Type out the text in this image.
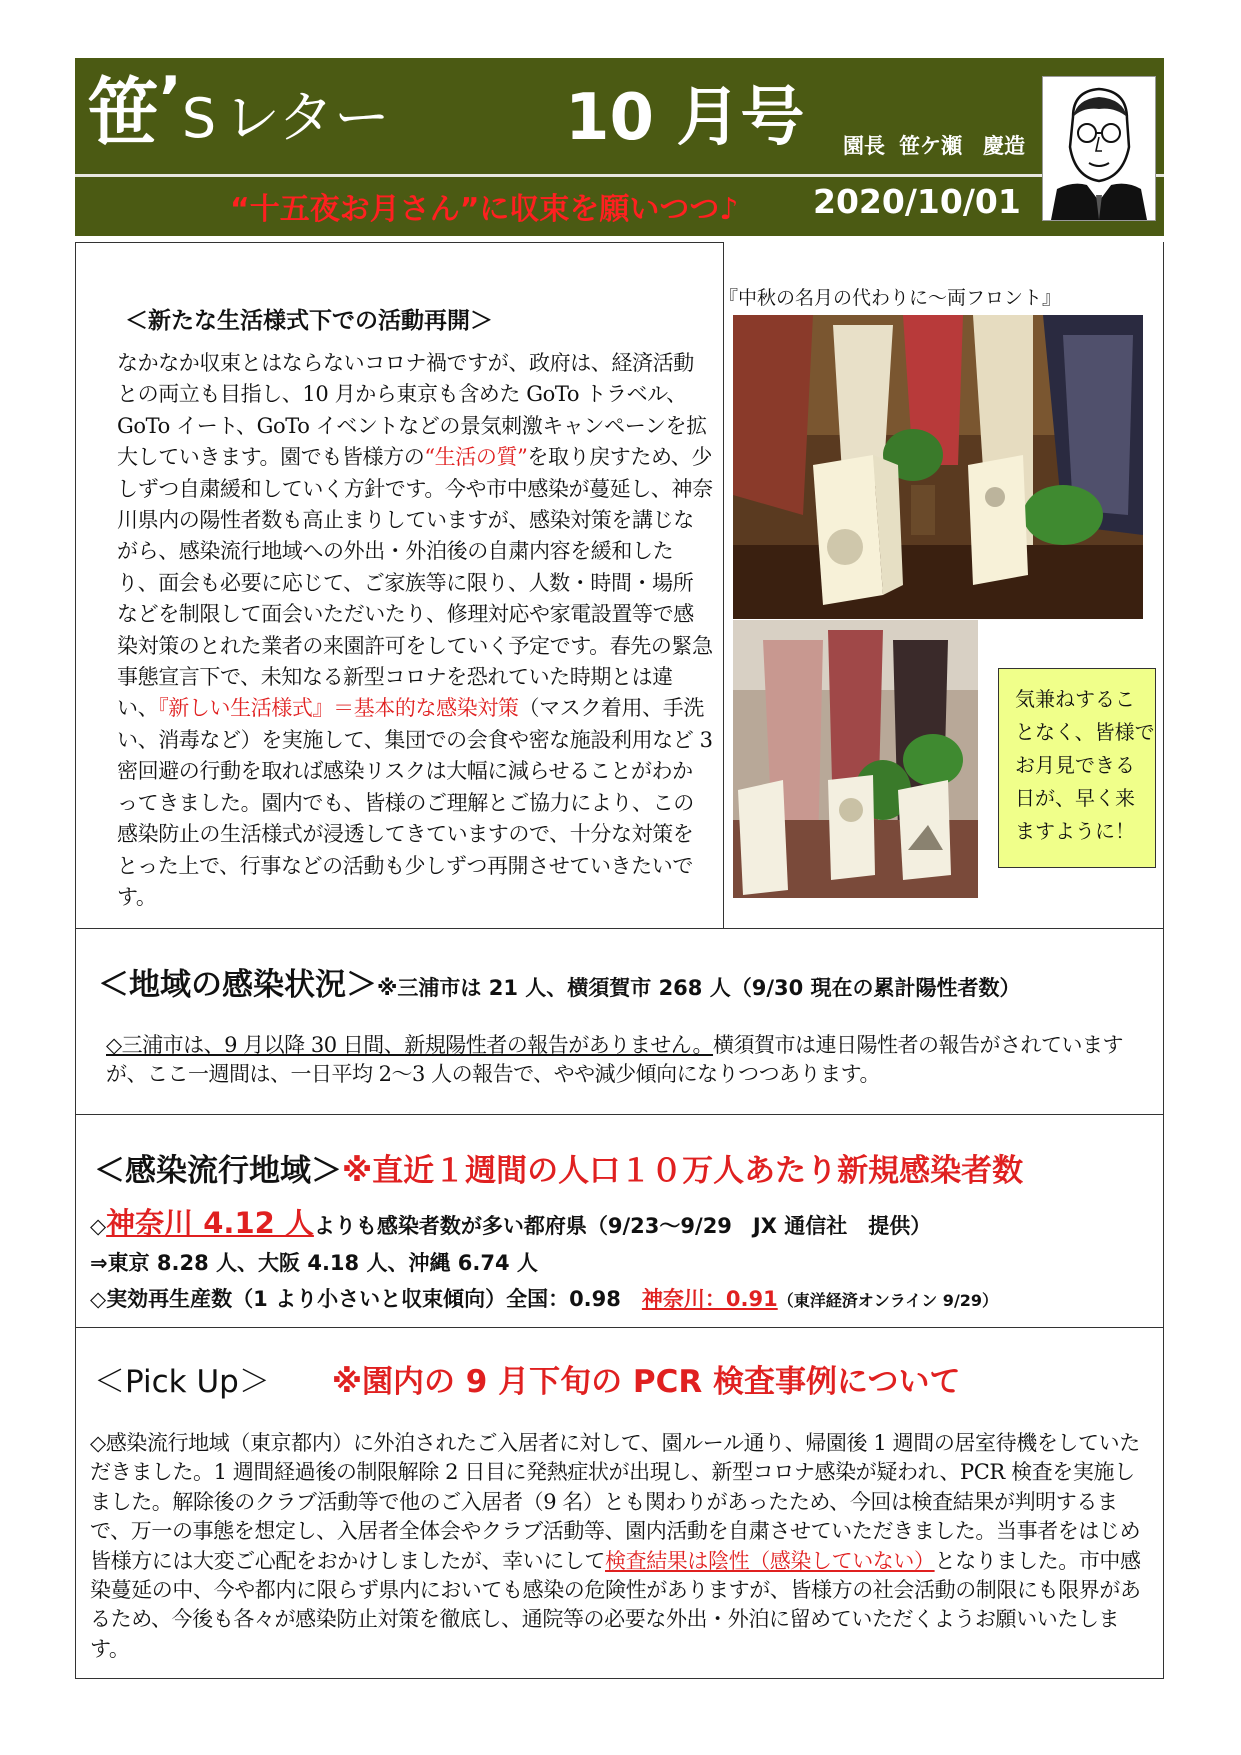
笹’S レター	10 月号 園長 笹ケ瀬　慶造
“十五夜お月さん”に収束を願いつつ♪ 2020/10/01
＜新たな生活様式下での活動再開＞
なかなか収束とはならないコロナ禍ですが、政府は、経済活動との両立も目指し、10 月から東京も含めた GoTo トラベル、GoTo イート、GoTo イベントなどの景気刺激キャンペーンを拡大していきます。園でも皆様方の“生活の質”を取り戻すため、少しずつ自粛緩和していく方針です。今や市中感染が蔓延し、神奈川県内の陽性者数も高止まりしていますが、感染対策を講じながら、感染流行地域への外出・外泊後の自粛内容を緩和したり、面会も必要に応じて、ご家族等に限り、人数・時間・場所などを制限して面会いただいたり、修理対応や家電設置等で感染対策のとれた業者の来園許可をしていく予定です。春先の緊急事態宣言下で、未知なる新型コロナを恐れていた時期とは違い、『新しい生活様式』＝基本的な感染対策（マスク着用、手洗い、消毒など）を実施して、集団での会食や密な施設利用など 3 密回避の行動を取れば感染リスクは大幅に減らせることがわかってきました。園内でも、皆様のご理解とご協力により、この感染防止の生活様式が浸透してきていますので、十分な対策をとった上で、行事などの活動も少しずつ再開させていきたいです。
『中秋の名月の代わりに～両フロント』
気兼ねするこ
となく、皆様で
お月見できる
日が、早く来
ますように！
＜地域の感染状況＞※三浦市は 21 人、横須賀市 268 人（9/30 現在の累計陽性者数）
◇三浦市は、9 月以降 30 日間、新規陽性者の報告がありません。横須賀市は連日陽性者の報告がされていますが、ここ一週間は、一日平均 2～3 人の報告で、やや減少傾向になりつつあります。
＜感染流行地域＞※直近１週間の人口１０万人あたり新規感染者数
◇神奈川 4.12 人よりも感染者数が多い都府県（9/23～9/29　JX 通信社　提供）
⇒東京 8.28 人、大阪 4.18 人、沖縄 6.74 人
◇実効再生産数（1 より小さいと収束傾向）全国：0.98　神奈川：0.91（東洋経済オンライン 9/29）
＜Pick Up＞ ※園内の 9 月下旬の PCR 検査事例について
◇感染流行地域（東京都内）に外泊されたご入居者に対して、園ルール通り、帰園後 1 週間の居室待機をしていただきました。1 週間経過後の制限解除 2 日目に発熱症状が出現し、新型コロナ感染が疑われ、PCR 検査を実施しました。解除後のクラブ活動等で他のご入居者（9 名）とも関わりがあったため、今回は検査結果が判明するまで、万一の事態を想定し、入居者全体会やクラブ活動等、園内活動を自粛させていただきました。当事者をはじめ皆様方には大変ご心配をおかけしましたが、幸いにして検査結果は陰性（感染していない）となりました。市中感染蔓延の中、今や都内に限らず県内においても感染の危険性がありますが、皆様方の社会活動の制限にも限界があるため、今後も各々が感染防止対策を徹底し、通院等の必要な外出・外泊に留めていただくようお願いいたします。
